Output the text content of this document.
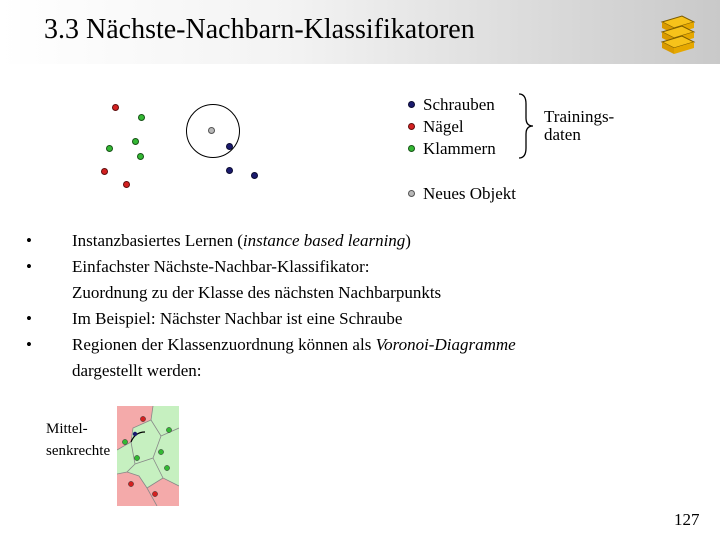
3.3 Nächste-Nachbarn-Klassifikatoren
Schrauben
Nägel
Klammern
Trainings-
daten
Neues Objekt
• Instanzbasiertes Lernen (instance based learning)
• Einfachster Nächste-Nachbar-Klassifikator:
Zuordnung zu der Klasse des nächsten Nachbarpunkts
• Im Beispiel: Nächster Nachbar ist eine Schraube
• Regionen der Klassenzuordnung können als Voronoi-Diagramme
dargestellt werden:
Mittel-
senkrechte
127
